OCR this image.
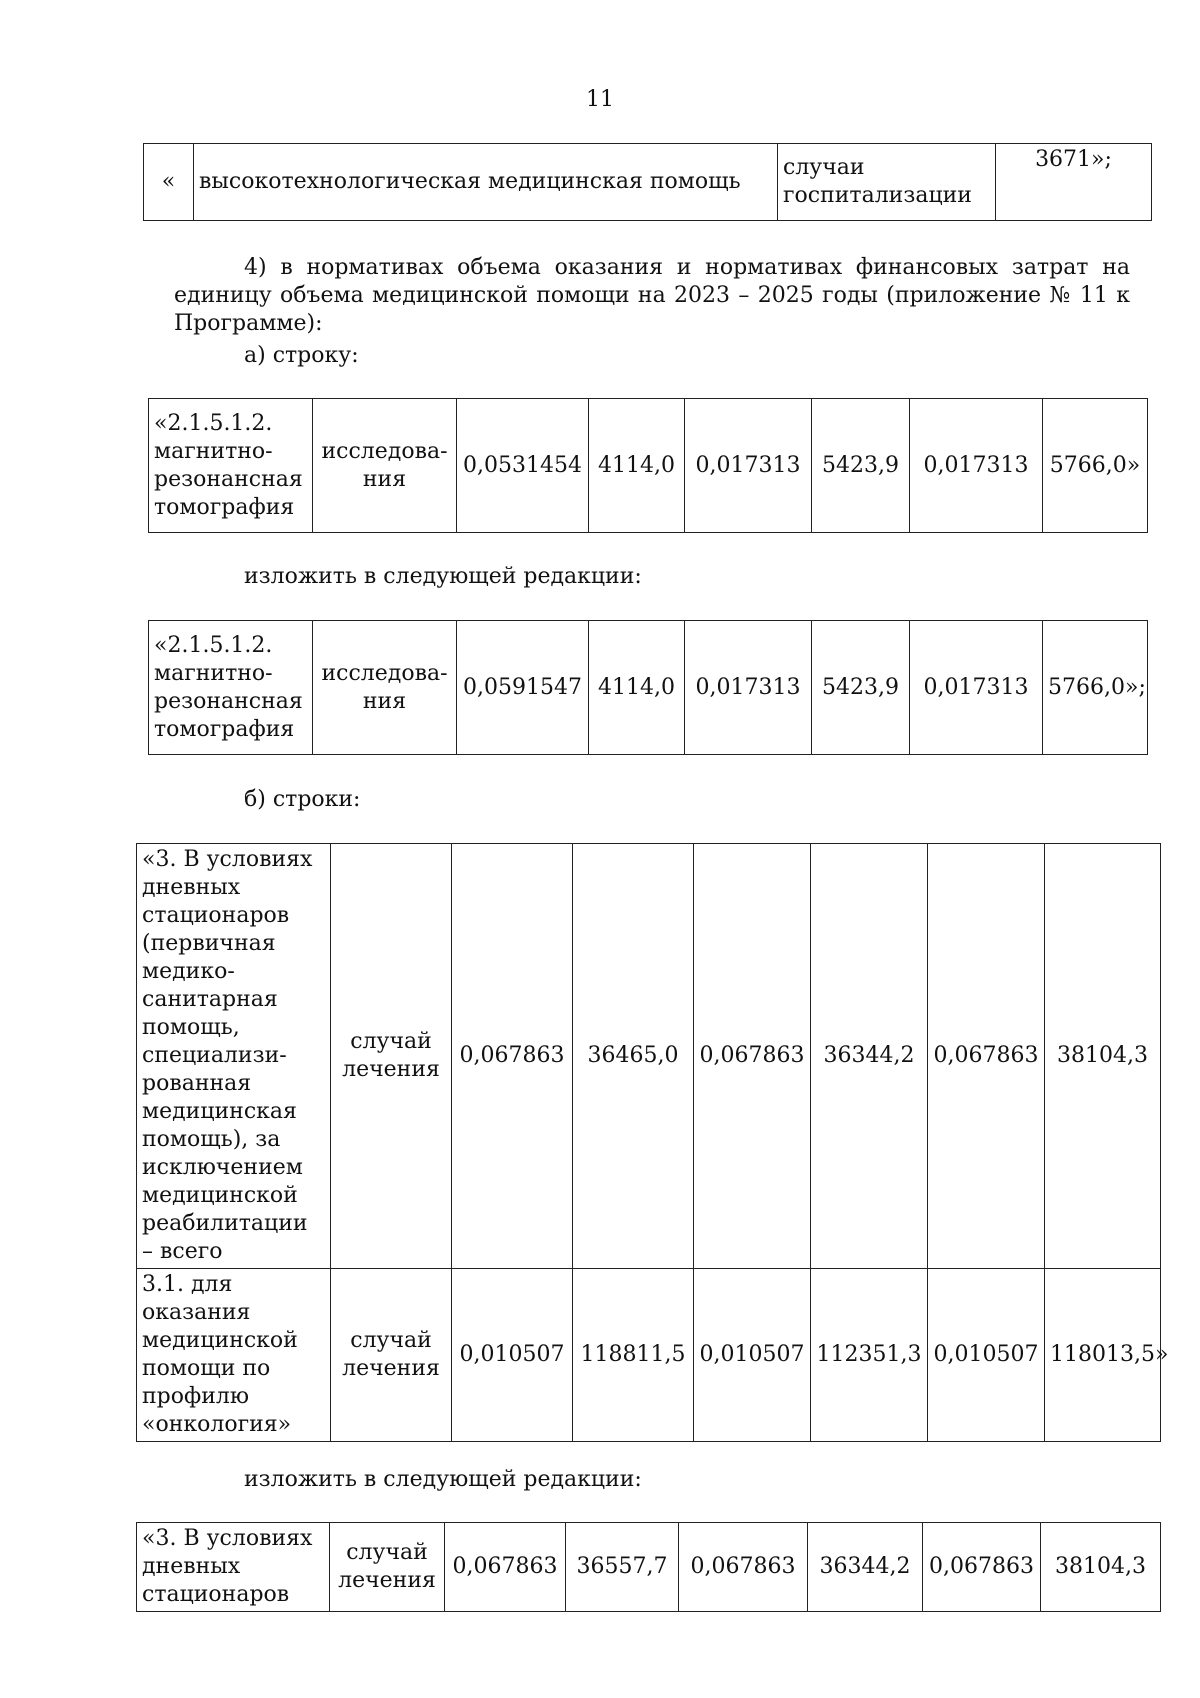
11
«	высокотехнологическая медицинская помощь	случаи госпитализации	3671»;
4) в нормативах объема оказания и нормативах финансовых затрат на единицу объема медицинской помощи на 2023 – 2025 годы (приложение № 11 к Программе):
а) строку:
«2.1.5.1.2. магнитно-резонансная томография	исследова-ния	0,0531454	4114,0	0,017313	5423,9	0,017313	5766,0»
изложить в следующей редакции:
«2.1.5.1.2. магнитно-резонансная томография	исследова-ния	0,0591547	4114,0	0,017313	5423,9	0,017313	5766,0»;
б) строки:
«3. В условиях дневных стационаров (первичная медико-санитарная помощь, специализи-рованная медицинская помощь), за исключением медицинской реабилитации – всего	случай лечения	0,067863	36465,0	0,067863	36344,2	0,067863	38104,3
3.1. для оказания медицинской помощи по профилю «онкология»	случай лечения	0,010507	118811,5	0,010507	112351,3	0,010507	118013,5»
изложить в следующей редакции:
«3. В условиях дневных стационаров	случай лечения	0,067863	36557,7	0,067863	36344,2	0,067863	38104,3
